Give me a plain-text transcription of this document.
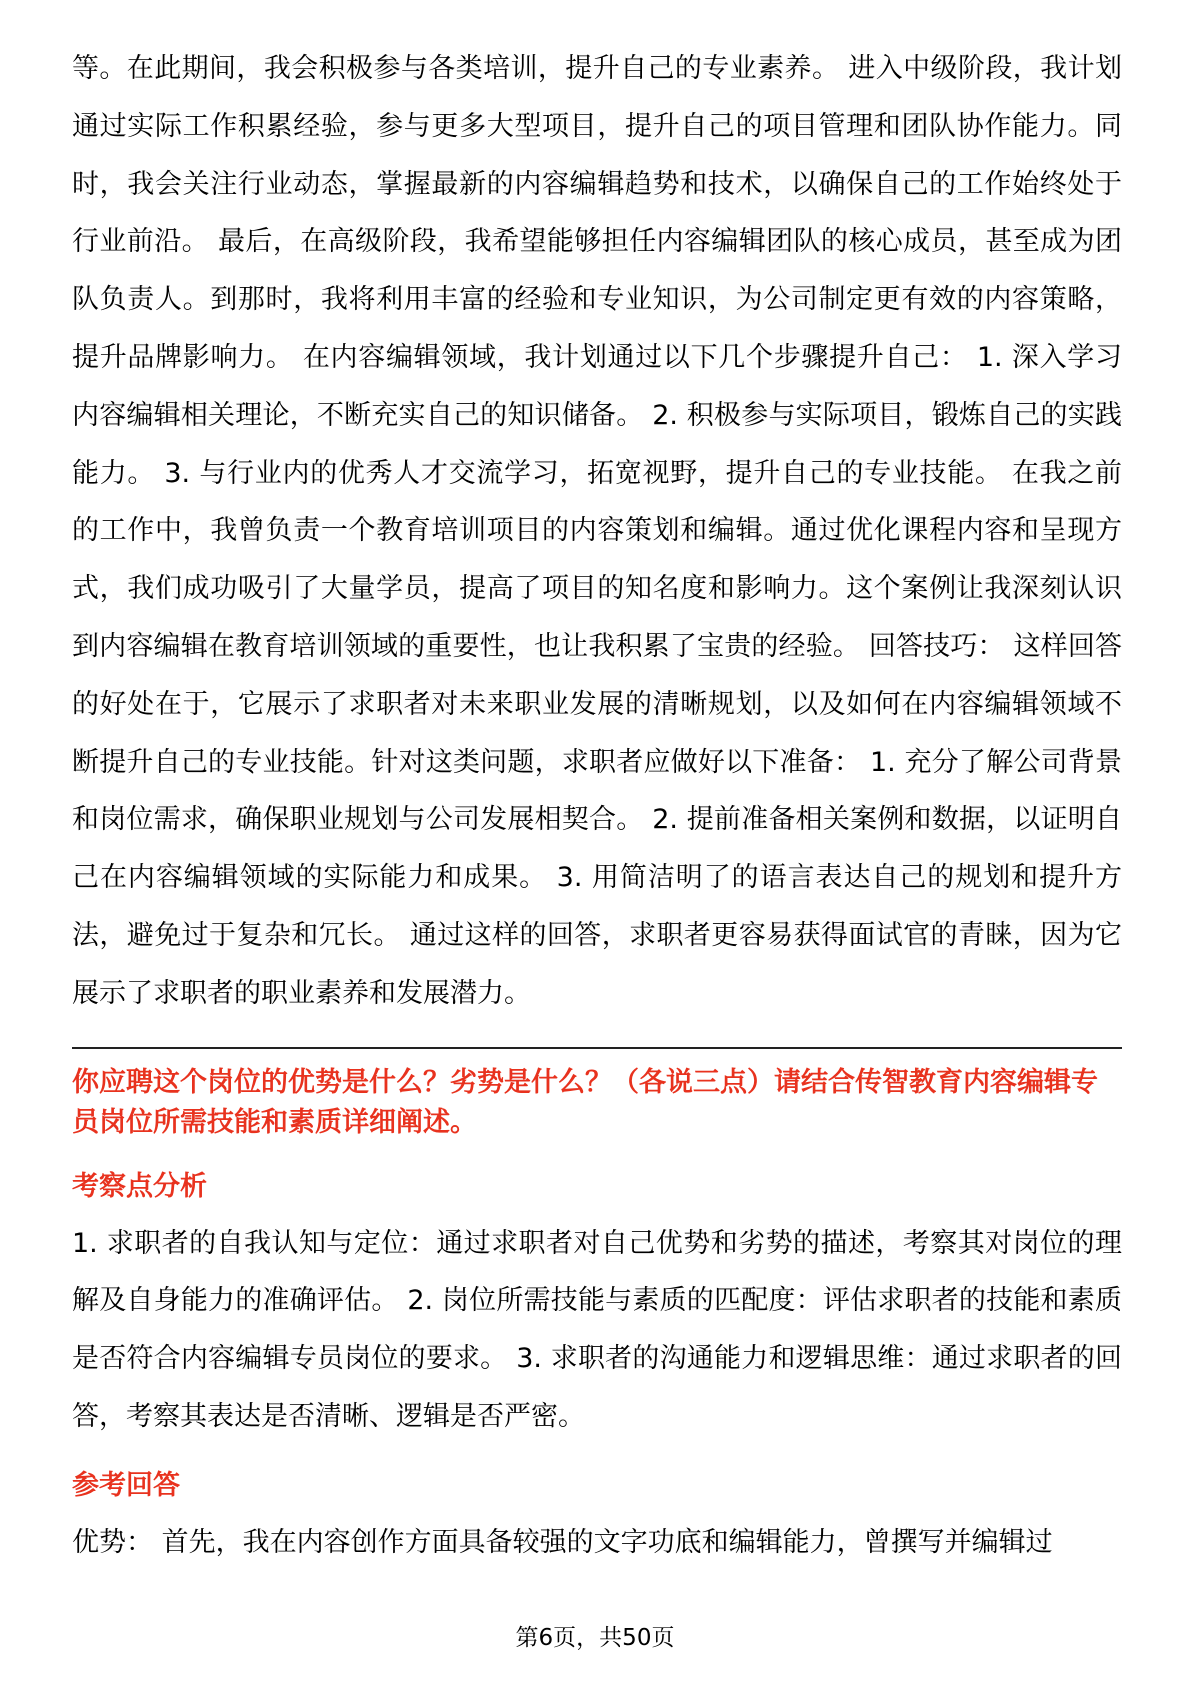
等。在此期间，我会积极参与各类培训，提升自己的专业素养。 进入中级阶段，我计划通过实际工作积累经验，参与更多大型项目，提升自己的项目管理和团队协作能力。同时，我会关注行业动态，掌握最新的内容编辑趋势和技术，以确保自己的工作始终处于行业前沿。 最后，在高级阶段，我希望能够担任内容编辑团队的核心成员，甚至成为团队负责人。到那时，我将利用丰富的经验和专业知识，为公司制定更有效的内容策略，提升品牌影响力。 在内容编辑领域，我计划通过以下几个步骤提升自己： 1. 深入学习内容编辑相关理论，不断充实自己的知识储备。 2. 积极参与实际项目，锻炼自己的实践能力。 3. 与行业内的优秀人才交流学习，拓宽视野，提升自己的专业技能。 在我之前的工作中，我曾负责一个教育培训项目的内容策划和编辑。通过优化课程内容和呈现方式，我们成功吸引了大量学员，提高了项目的知名度和影响力。这个案例让我深刻认识到内容编辑在教育培训领域的重要性，也让我积累了宝贵的经验。 回答技巧： 这样回答的好处在于，它展示了求职者对未来职业发展的清晰规划，以及如何在内容编辑领域不断提升自己的专业技能。针对这类问题，求职者应做好以下准备： 1. 充分了解公司背景和岗位需求，确保职业规划与公司发展相契合。 2. 提前准备相关案例和数据，以证明自己在内容编辑领域的实际能力和成果。 3. 用简洁明了的语言表达自己的规划和提升方法，避免过于复杂和冗长。 通过这样的回答，求职者更容易获得面试官的青睐，因为它展示了求职者的职业素养和发展潜力。

你应聘这个岗位的优势是什么？劣势是什么？（各说三点）请结合传智教育内容编辑专员岗位所需技能和素质详细阐述。

考察点分析

1. 求职者的自我认知与定位：通过求职者对自己优势和劣势的描述，考察其对岗位的理解及自身能力的准确评估。 2. 岗位所需技能与素质的匹配度：评估求职者的技能和素质是否符合内容编辑专员岗位的要求。 3. 求职者的沟通能力和逻辑思维：通过求职者的回答，考察其表达是否清晰、逻辑是否严密。

参考回答

优势： 首先，我在内容创作方面具备较强的文字功底和编辑能力，曾撰写并编辑过

第6页，共50页
